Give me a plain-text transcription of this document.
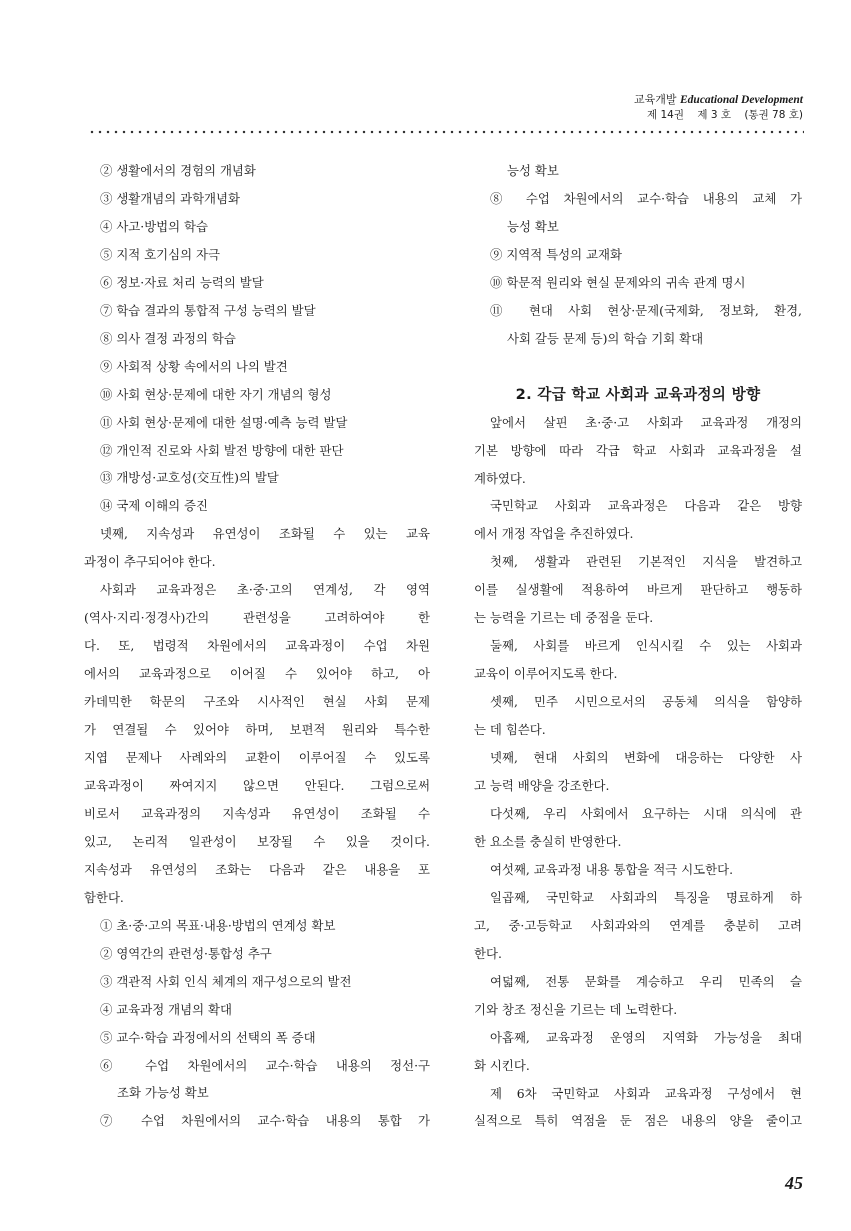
교육개발 Educational Development
제 14권    제 3 호    (통권 78 호)

② 생활에서의 경험의 개념화

③ 생활개념의 과학개념화

④ 사고·방법의 학습

⑤ 지적 호기심의 자극

⑥ 정보·자료 처리 능력의 발달

⑦ 학습 결과의 통합적 구성 능력의 발달

⑧ 의사 결정 과정의 학습

⑨ 사회적 상황 속에서의 나의 발견

⑩ 사회 현상·문제에 대한 자기 개념의 형성

⑪ 사회 현상·문제에 대한 설명·예측 능력 발달

⑫ 개인적 진로와 사회 발전 방향에 대한 판단

⑬ 개방성·교호성(交互性)의 발달

⑭ 국제 이해의 증진

넷째, 지속성과 유연성이 조화될 수 있는 교육

과정이 추구되어야 한다.

사회과 교육과정은 초·중·고의 연계성, 각 영역

(역사·지리·정경사)간의 관련성을 고려하여야 한

다. 또, 법령적 차원에서의 교육과정이 수업 차원

에서의 교육과정으로 이어질 수 있어야 하고, 아

카데믹한 학문의 구조와 시사적인 현실 사회 문제

가 연결될 수 있어야 하며, 보편적 원리와 특수한

지엽 문제나 사례와의 교환이 이루어질 수 있도록

교육과정이 짜여지지 않으면 안된다. 그럼으로써

비로서 교육과정의 지속성과 유연성이 조화될 수

있고, 논리적 일관성이 보장될 수 있을 것이다.

지속성과 유연성의 조화는 다음과 같은 내용을 포

함한다.

① 초·중·고의 목표·내용·방법의 연계성 확보

② 영역간의 관련성·통합성 추구

③ 객관적 사회 인식 체계의 재구성으로의 발전

④ 교육과정 개념의 확대

⑤ 교수·학습 과정에서의 선택의 폭 증대

⑥ 수업 차원에서의 교수·학습 내용의 정선·구

조화 가능성 확보

⑦ 수업 차원에서의 교수·학습 내용의 통합 가

능성 확보

⑧ 수업 차원에서의 교수·학습 내용의 교체 가

능성 확보

⑨ 지역적 특성의 교재화

⑩ 학문적 원리와 현실 문제와의 귀속 관계 명시

⑪ 현대 사회 현상·문제(국제화, 정보화, 환경,

사회 갈등 문제 등)의 학습 기회 확대

2. 각급 학교 사회과 교육과정의 방향

앞에서 살핀 초·중·고 사회과 교육과정 개정의

기본 방향에 따라 각급 학교 사회과 교육과정을 설

계하였다.

국민학교 사회과 교육과정은 다음과 같은 방향

에서 개정 작업을 추진하였다.

첫째, 생활과 관련된 기본적인 지식을 발견하고

이를 실생활에 적용하여 바르게 판단하고 행동하

는 능력을 기르는 데 중점을 둔다.

둘째, 사회를 바르게 인식시킬 수 있는 사회과

교육이 이루어지도록 한다.

셋째, 민주 시민으로서의 공동체 의식을 함양하

는 데 힘쓴다.

넷째, 현대 사회의 변화에 대응하는 다양한 사

고 능력 배양을 강조한다.

다섯째, 우리 사회에서 요구하는 시대 의식에 관

한 요소를 충실히 반영한다.

여섯째, 교육과정 내용 통합을 적극 시도한다.

일곱째, 국민학교 사회과의 특징을 명료하게 하

고, 중·고등학교 사회과와의 연계를 충분히 고려

한다.

여덟째, 전통 문화를 계승하고 우리 민족의 슬

기와 창조 정신을 기르는 데 노력한다.

아홉째, 교육과정 운영의 지역화 가능성을 최대

화 시킨다.

제 6차 국민학교 사회과 교육과정 구성에서 현

실적으로 특히 역점을 둔 점은 내용의 양을 줄이고

45
